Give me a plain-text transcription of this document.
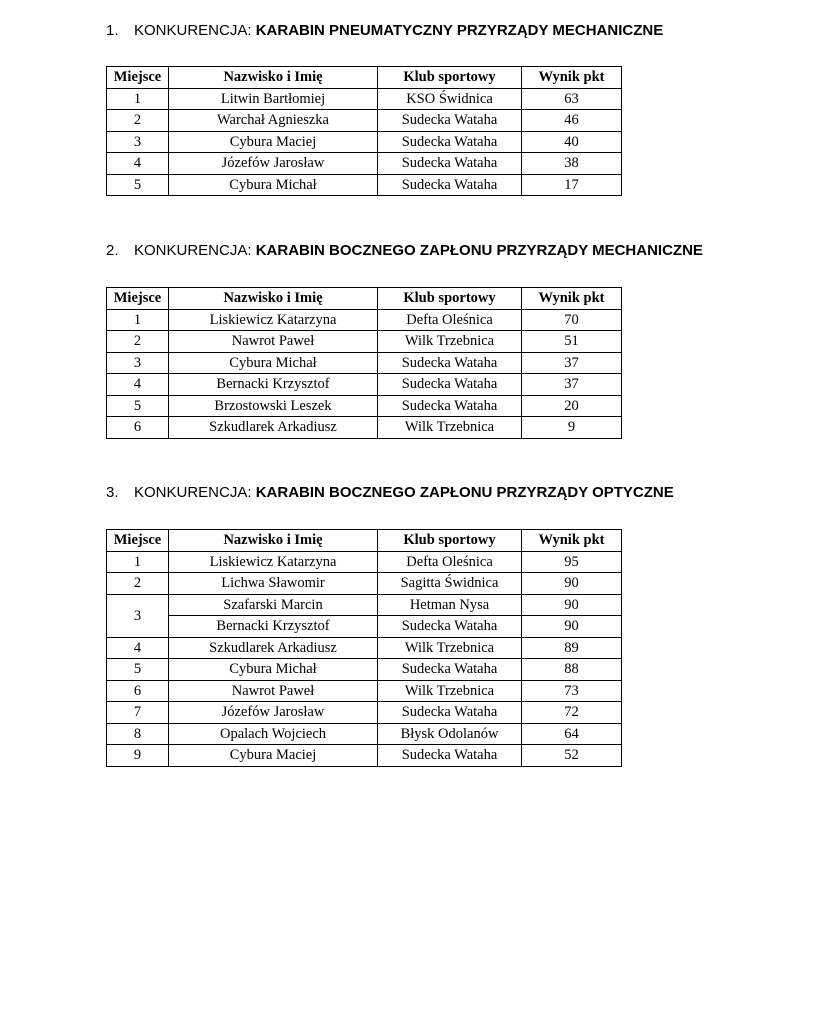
1. KONKURENCJA: KARABIN PNEUMATYCZNY PRZYRZĄDY MECHANICZNE

Miejsce	Nazwisko i Imię	Klub sportowy	Wynik pkt
1	Litwin Bartłomiej	KSO Świdnica	63
2	Warchał Agnieszka	Sudecka Wataha	46
3	Cybura Maciej	Sudecka Wataha	40
4	Józefów Jarosław	Sudecka Wataha	38
5	Cybura Michał	Sudecka Wataha	17

2. KONKURENCJA: KARABIN BOCZNEGO ZAPŁONU PRZYRZĄDY MECHANICZNE

Miejsce	Nazwisko i Imię	Klub sportowy	Wynik pkt
1	Liskiewicz Katarzyna	Defta Oleśnica	70
2	Nawrot Paweł	Wilk Trzebnica	51
3	Cybura Michał	Sudecka Wataha	37
4	Bernacki Krzysztof	Sudecka Wataha	37
5	Brzostowski Leszek	Sudecka Wataha	20
6	Szkudlarek Arkadiusz	Wilk Trzebnica	9

3. KONKURENCJA: KARABIN BOCZNEGO ZAPŁONU PRZYRZĄDY OPTYCZNE

Miejsce	Nazwisko i Imię	Klub sportowy	Wynik pkt
1	Liskiewicz Katarzyna	Defta Oleśnica	95
2	Lichwa Sławomir	Sagitta Świdnica	90
3	Szafarski Marcin	Hetman Nysa	90
	Bernacki Krzysztof	Sudecka Wataha	90
4	Szkudlarek Arkadiusz	Wilk Trzebnica	89
5	Cybura Michał	Sudecka Wataha	88
6	Nawrot Paweł	Wilk Trzebnica	73
7	Józefów Jarosław	Sudecka Wataha	72
8	Opalach Wojciech	Błysk Odolanów	64
9	Cybura Maciej	Sudecka Wataha	52
